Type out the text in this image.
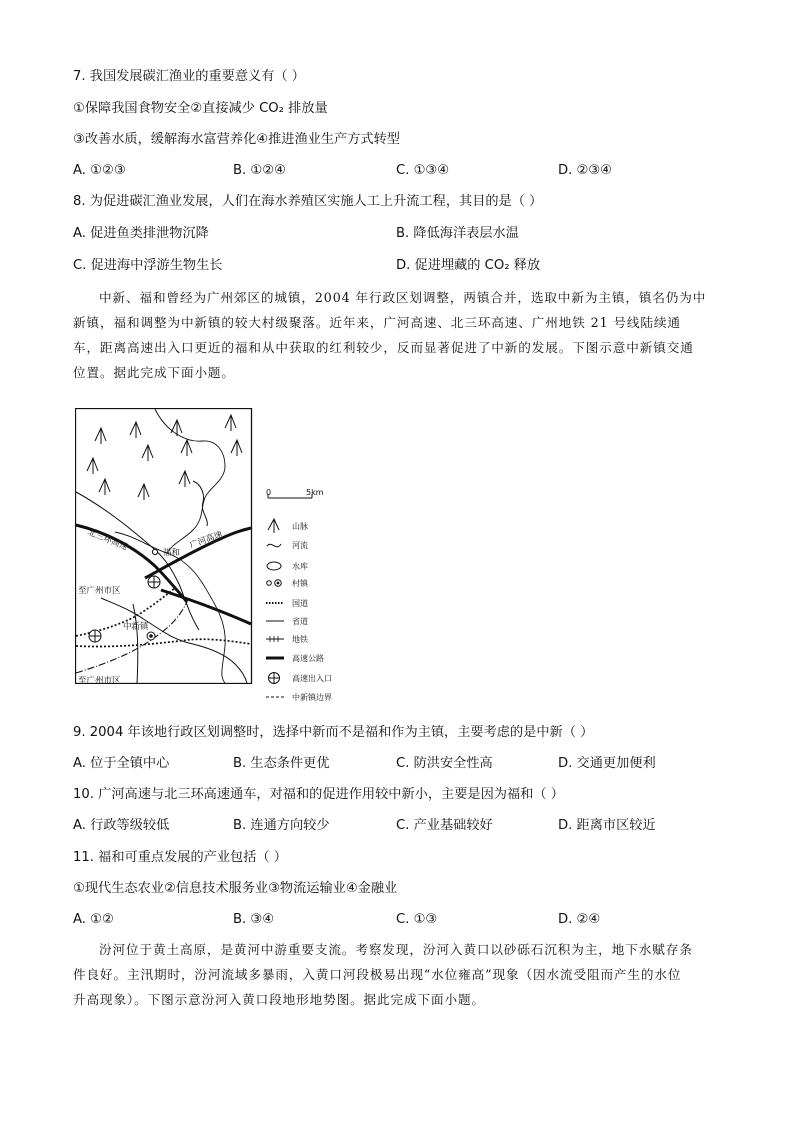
7. 我国发展碳汇渔业的重要意义有（ ）
①保障我国食物安全②直接减少 CO₂ 排放量
③改善水质，缓解海水富营养化④推进渔业生产方式转型
A. ①②③	B. ①②④	C. ①③④	D. ②③④
8. 为促进碳汇渔业发展，人们在海水养殖区实施人工上升流工程，其目的是（ ）
A. 促进鱼类排泄物沉降	B. 降低海洋表层水温
C. 促进海中浮游生物生长	D. 促进埋藏的 CO₂ 释放
中新、福和曾经为广州郊区的城镇，2004 年行政区划调整，两镇合并，选取中新为主镇，镇名仍为中
新镇，福和调整为中新镇的较大村级聚落。近年来，广河高速、北三环高速、广州地铁 21 号线陆续通
车，距离高速出入口更近的福和从中获取的红利较少，反而显著促进了中新的发展。下图示意中新镇交通
位置。据此完成下面小题。
北三环高速	广河高速
福和
中新镇
至广州市区
至广州市区
0	5km
山脉
河流
水库
村镇
国道
省道
地铁
高速公路
高速出入口
中新镇边界
9. 2004 年该地行政区划调整时，选择中新而不是福和作为主镇，主要考虑的是中新（ ）
A. 位于全镇中心	B. 生态条件更优	C. 防洪安全性高	D. 交通更加便利
10. 广河高速与北三环高速通车，对福和的促进作用较中新小，主要是因为福和（ ）
A. 行政等级较低	B. 连通方向较少	C. 产业基础较好	D. 距离市区较近
11. 福和可重点发展的产业包括（ ）
①现代生态农业②信息技术服务业③物流运输业④金融业
A. ①②	B. ③④	C. ①③	D. ②④
汾河位于黄土高原，是黄河中游重要支流。考察发现，汾河入黄口以砂砾石沉积为主，地下水赋存条
件良好。主汛期时，汾河流域多暴雨，入黄口河段极易出现“水位雍高”现象（因水流受阻而产生的水位
升高现象）。下图示意汾河入黄口段地形地势图。据此完成下面小题。
